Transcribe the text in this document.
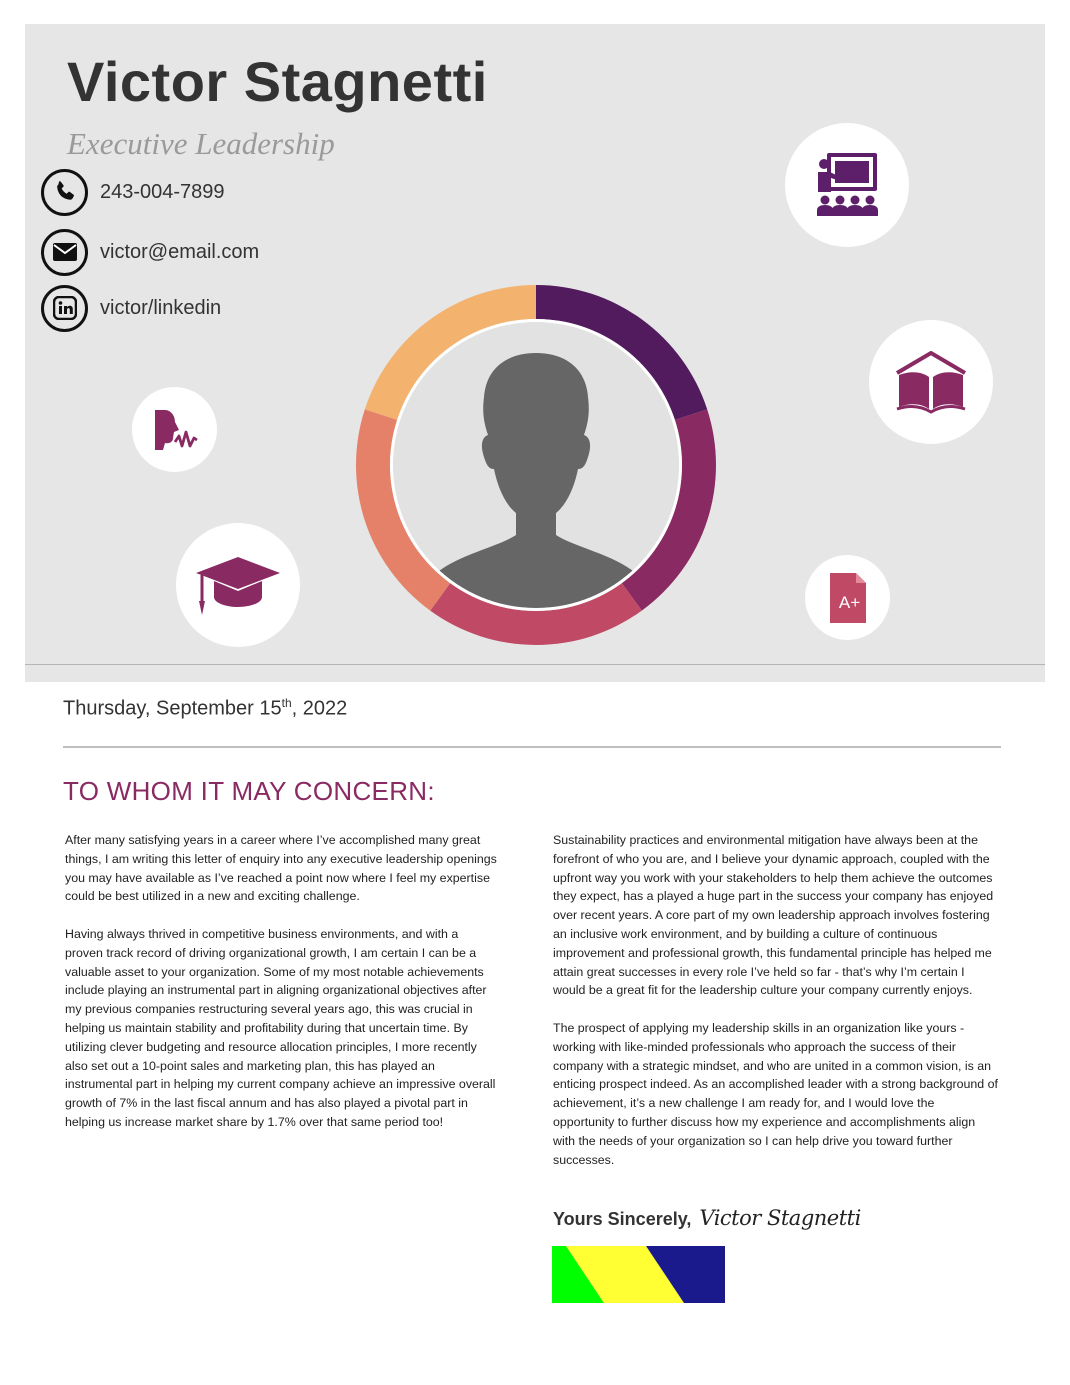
Victor Stagnetti
Executive Leadership
243-004-7899
victor@email.com
victor/linkedin
A+
Thursday, September 15th, 2022
TO WHOM IT MAY CONCERN:

After many satisfying years in a career where I’ve accomplished many great things, I am writing this letter of enquiry into any executive leadership openings you may have available as I’ve reached a point now where I feel my expertise could be best utilized in a new and exciting challenge.

Having always thrived in competitive business environments, and with a proven track record of driving organizational growth, I am certain I can be a valuable asset to your organization. Some of my most notable achievements include playing an instrumental part in aligning organizational objectives after my previous companies restructuring several years ago, this was crucial in helping us maintain stability and profitability during that uncertain time. By utilizing clever budgeting and resource allocation principles, I more recently also set out a 10-point sales and marketing plan, this has played an instrumental part in helping my current company achieve an impressive overall growth of 7% in the last fiscal annum and has also played a pivotal part in helping us increase market share by 1.7% over that same period too!

Sustainability practices and environmental mitigation have always been at the forefront of who you are, and I believe your dynamic approach, coupled with the upfront way you work with your stakeholders to help them achieve the outcomes they expect, has a played a huge part in the success your company has enjoyed over recent years. A core part of my own leadership approach involves fostering an inclusive work environment, and by building a culture of continuous improvement and professional growth, this fundamental principle has helped me attain great successes in every role I’ve held so far - that’s why I’m certain I would be a great fit for the leadership culture your company currently enjoys.

The prospect of applying my leadership skills in an organization like yours - working with like-minded professionals who approach the success of their company with a strategic mindset, and who are united in a common vision, is an enticing prospect indeed. As an accomplished leader with a strong background of achievement, it’s a new challenge I am ready for, and I would love the opportunity to further discuss how my experience and accomplishments align with the needs of your organization so I can help drive you toward further successes.

Yours Sincerely, Victor Stagnetti
